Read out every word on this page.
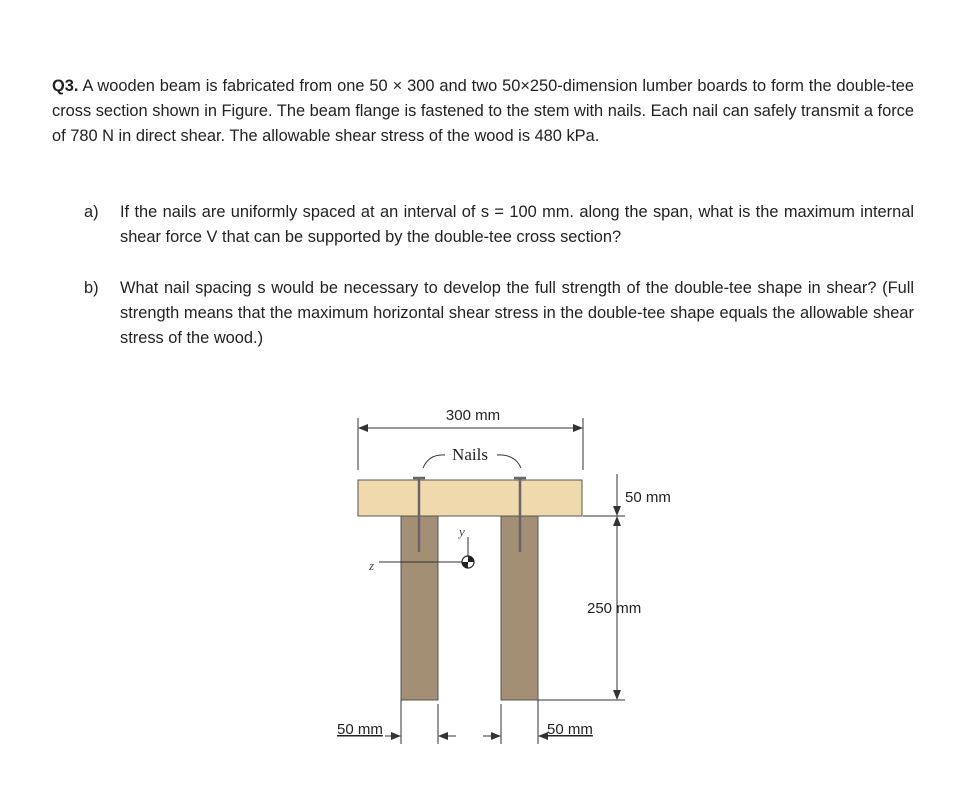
Q3. A wooden beam is fabricated from one 50 × 300 and two 50×250-dimension lumber boards to form the double-tee cross section shown in Figure. The beam flange is fastened to the stem with nails. Each nail can safely transmit a force of 780 N in direct shear. The allowable shear stress of the wood is 480 kPa.

a) If the nails are uniformly spaced at an interval of s = 100 mm. along the span, what is the maximum internal shear force V that can be supported by the double-tee cross section?
b) What nail spacing s would be necessary to develop the full strength of the double-tee shape in shear? (Full strength means that the maximum horizontal shear stress in the double-tee shape equals the allowable shear stress of the wood.)
300 mm
Nails
y
z
50 mm
250 mm
50 mm	50 mm
